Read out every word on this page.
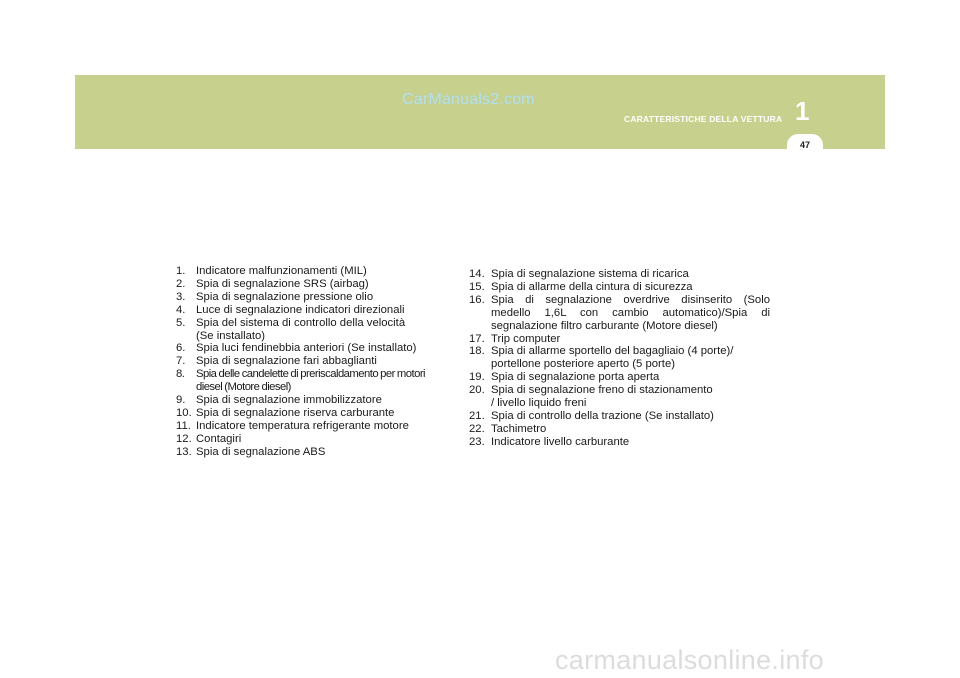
CarManuals2.com
CARATTERISTICHE DELLA VETTURA 1
47
1. Indicatore malfunzionamenti (MIL)
2. Spia di segnalazione SRS (airbag)
3. Spia di segnalazione pressione olio
4. Luce di segnalazione indicatori direzionali
5. Spia del sistema di controllo della velocità (Se installato)
6. Spia luci fendinebbia anteriori (Se installato)
7. Spia di segnalazione fari abbaglianti
8. Spia delle candelette di preriscaldamento per motori diesel (Motore diesel)
9. Spia di segnalazione immobilizzatore
10. Spia di segnalazione riserva carburante
11. Indicatore temperatura refrigerante motore
12. Contagiri
13. Spia di segnalazione ABS
14. Spia di segnalazione sistema di ricarica
15. Spia di allarme della cintura di sicurezza
16. Spia di segnalazione overdrive disinserito (Solo medello 1,6L con cambio automatico)/Spia di segnalazione filtro carburante (Motore diesel)
17. Trip computer
18. Spia di allarme sportello del bagagliaio (4 porte)/ portellone posteriore aperto (5 porte)
19. Spia di segnalazione porta aperta
20. Spia di segnalazione freno di stazionamento / livello liquido freni
21. Spia di controllo della trazione (Se installato)
22. Tachimetro
23. Indicatore livello carburante
carmanualsonline.info
